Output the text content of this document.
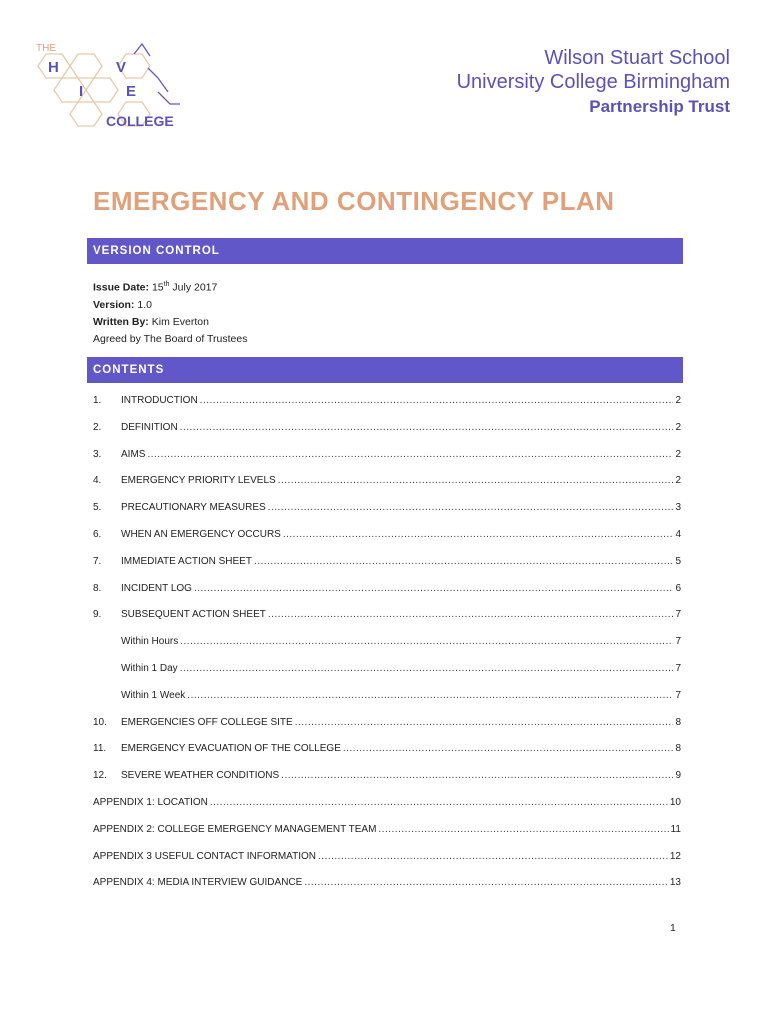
THE
H	V
I	E
COLLEGE
Wilson Stuart School
University College Birmingham
Partnership Trust
EMERGENCY AND CONTINGENCY PLAN
VERSION CONTROL
Issue Date: 15th July 2017
Version: 1.0
Written By: Kim Everton
Agreed by The Board of Trustees
CONTENTS
1.	INTRODUCTION .....	2
2.	DEFINITION .....	2
3.	AIMS .....	2
4.	EMERGENCY PRIORITY LEVELS .....	2
5.	PRECAUTIONARY MEASURES .....	3
6.	WHEN AN EMERGENCY OCCURS .....	4
7.	IMMEDIATE ACTION SHEET .....	5
8.	INCIDENT LOG .....	6
9.	SUBSEQUENT ACTION SHEET .....	7
Within Hours .....	7
Within 1 Day .....	7
Within 1 Week .....	7
10.	EMERGENCIES OFF COLLEGE SITE .....	8
11.	EMERGENCY EVACUATION OF THE COLLEGE .....	8
12.	SEVERE WEATHER CONDITIONS .....	9
APPENDIX 1: LOCATION .....	10
APPENDIX 2: COLLEGE EMERGENCY MANAGEMENT TEAM .....	11
APPENDIX 3 USEFUL CONTACT INFORMATION .....	12
APPENDIX 4: MEDIA INTERVIEW GUIDANCE .....	13
1
